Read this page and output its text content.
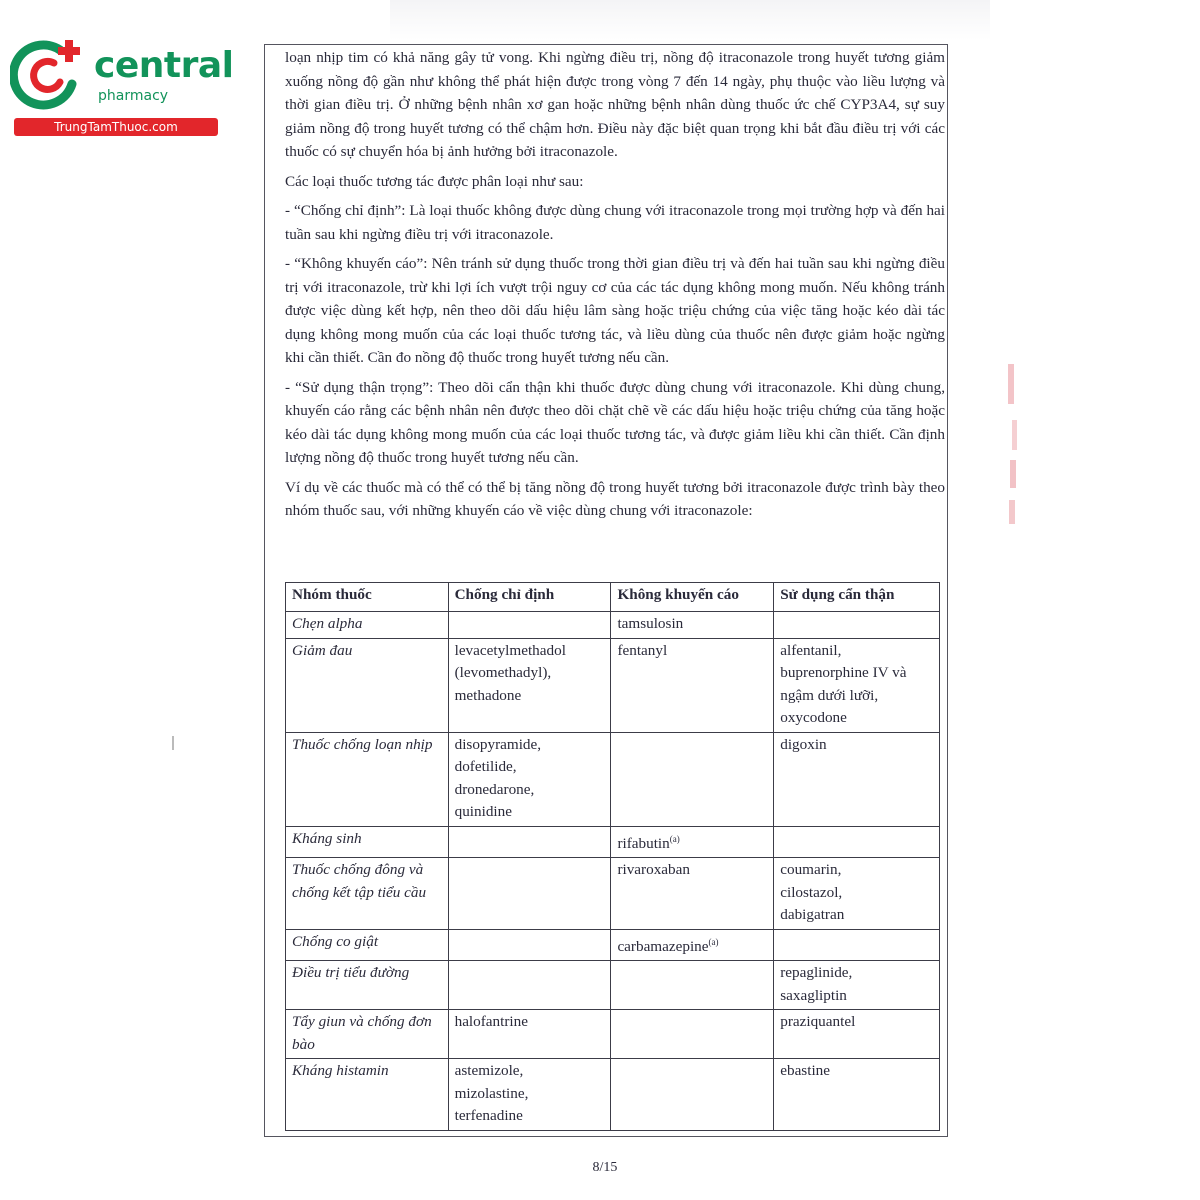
central
pharmacy
TrungTamThuoc.com

loạn nhịp tim có khả năng gây tử vong. Khi ngừng điều trị, nồng độ itraconazole trong huyết tương giảm xuống nồng độ gần như không thể phát hiện được trong vòng 7 đến 14 ngày, phụ thuộc vào liều lượng và thời gian điều trị. Ở những bệnh nhân xơ gan hoặc những bệnh nhân dùng thuốc ức chế CYP3A4, sự suy giảm nồng độ trong huyết tương có thể chậm hơn. Điều này đặc biệt quan trọng khi bắt đầu điều trị với các thuốc có sự chuyển hóa bị ảnh hưởng bởi itraconazole.

Các loại thuốc tương tác được phân loại như sau:

- “Chống chỉ định”: Là loại thuốc không được dùng chung với itraconazole trong mọi trường hợp và đến hai tuần sau khi ngừng điều trị với itraconazole.

- “Không khuyến cáo”: Nên tránh sử dụng thuốc trong thời gian điều trị và đến hai tuần sau khi ngừng điều trị với itraconazole, trừ khi lợi ích vượt trội nguy cơ của các tác dụng không mong muốn. Nếu không tránh được việc dùng kết hợp, nên theo dõi dấu hiệu lâm sàng hoặc triệu chứng của việc tăng hoặc kéo dài tác dụng không mong muốn của các loại thuốc tương tác, và liều dùng của thuốc nên được giảm hoặc ngừng khi cần thiết. Cần đo nồng độ thuốc trong huyết tương nếu cần.

- “Sử dụng thận trọng”: Theo dõi cẩn thận khi thuốc được dùng chung với itraconazole. Khi dùng chung, khuyến cáo rằng các bệnh nhân nên được theo dõi chặt chẽ về các dấu hiệu hoặc triệu chứng của tăng hoặc kéo dài tác dụng không mong muốn của các loại thuốc tương tác, và được giảm liều khi cần thiết. Cần định lượng nồng độ thuốc trong huyết tương nếu cần.

Ví dụ về các thuốc mà có thể có thể bị tăng nồng độ trong huyết tương bởi itraconazole được trình bày theo nhóm thuốc sau, với những khuyến cáo về việc dùng chung với itraconazole:

Nhóm thuốc	Chống chỉ định	Không khuyến cáo	Sử dụng cẩn thận
Chẹn alpha		tamsulosin	

Giảm đau	levacetylmethadol (levomethadyl), methadone	fentanyl	alfentanil, buprenorphine IV và ngậm dưới lưỡi, oxycodone

Thuốc chống loạn nhịp	disopyramide,
dofetilide,
dronedarone,
quinidine		digoxin

Kháng sinh		rifabutin$^{(a)}$

Thuốc chống đông và chống kết tập tiểu cầu		rivaroxaban	coumarin,
cilostazol,
dabigatran

Chống co giật		carbamazepine$^{(a)}$

Điều trị tiểu đường			repaglinide,
saxagliptin

Tẩy giun và chống đơn bào	halofantrine		praziquantel

Kháng histamin	astemizole,
mizolastine,
terfenadine		ebastine
8/15
